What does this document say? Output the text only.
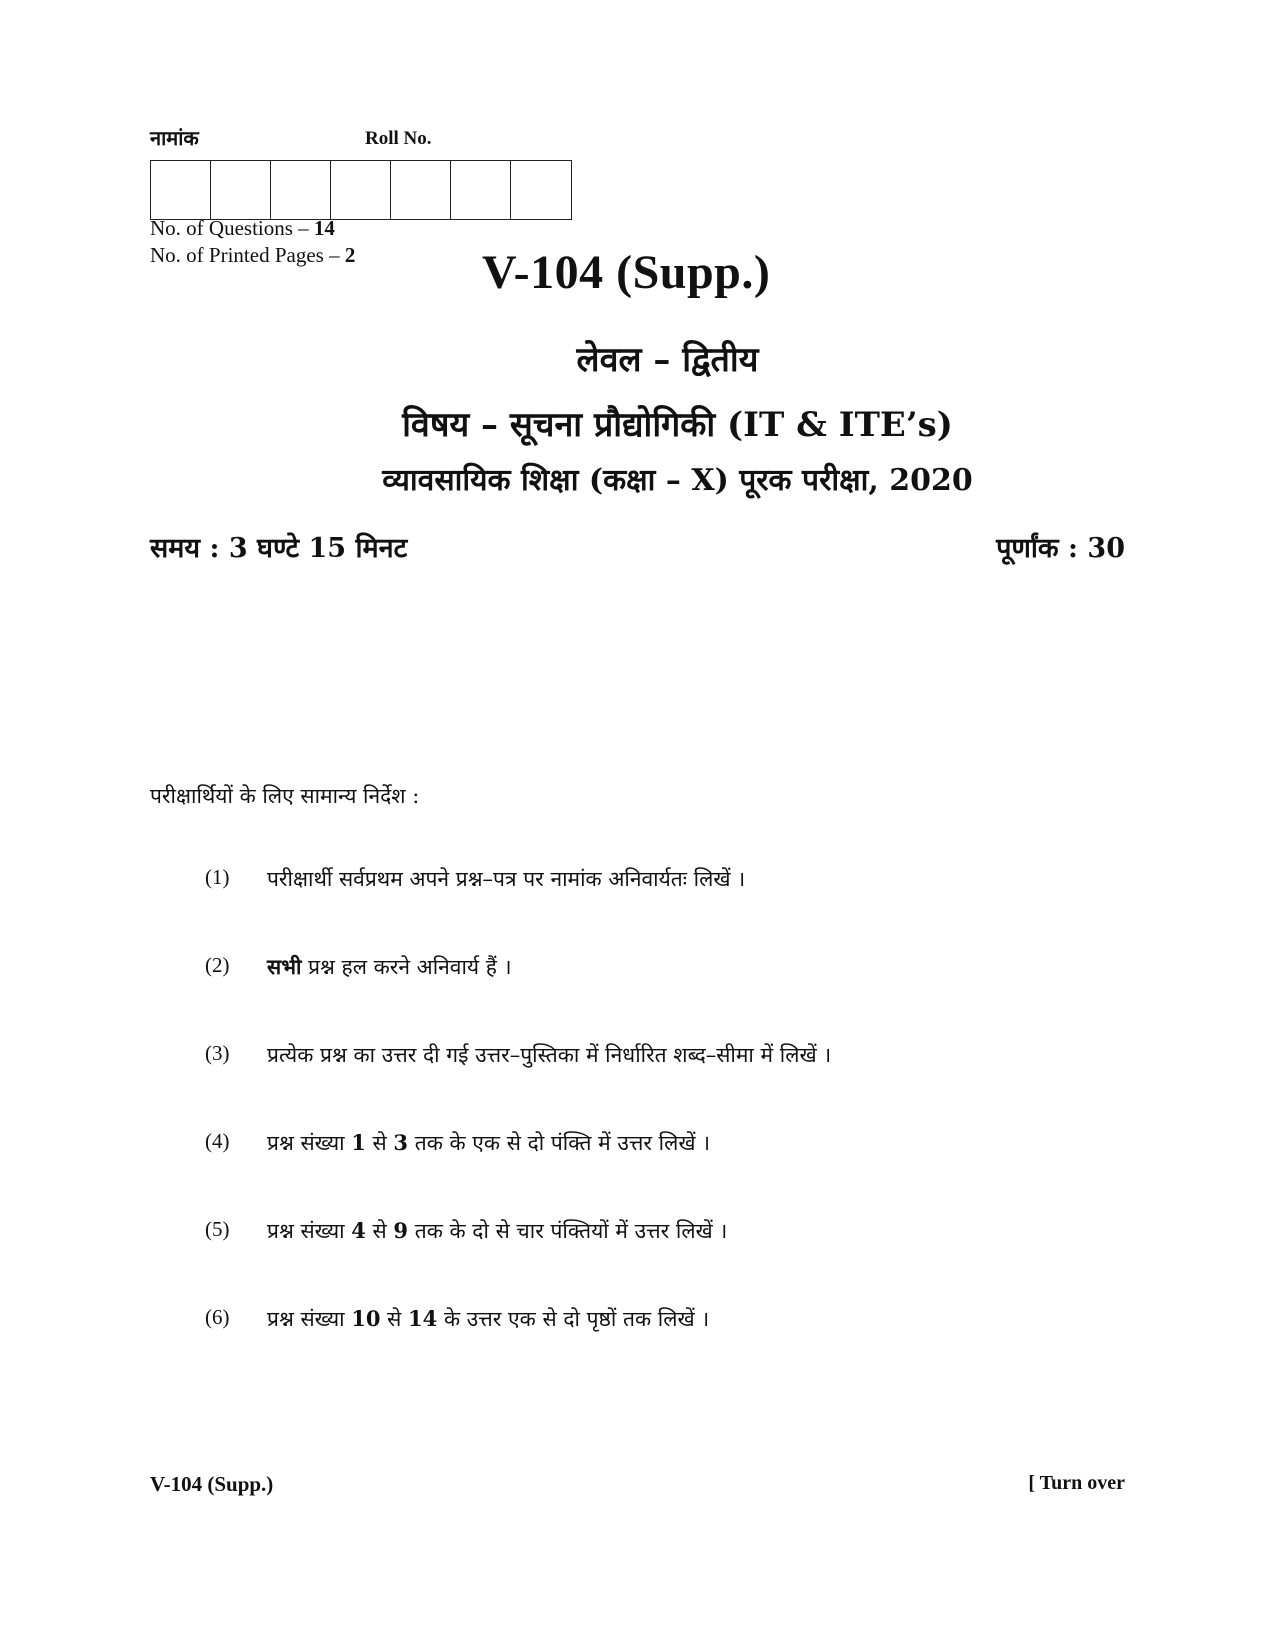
नामांक	Roll No.
No. of Questions – 14
No. of Printed Pages – 2	V-104 (Supp.)
लेवल – द्वितीय
विषय – सूचना प्रौद्योगिकी (IT & ITE’s)
व्यावसायिक शिक्षा (कक्षा – X) पूरक परीक्षा, 2020
समय : 3 घण्टे 15 मिनट	पूर्णांक : 30
परीक्षार्थियों के लिए सामान्य निर्देश :
(1)	परीक्षार्थी सर्वप्रथम अपने प्रश्न–पत्र पर नामांक अनिवार्यतः लिखें ।
(2)	सभी प्रश्न हल करने अनिवार्य हैं ।
(3)	प्रत्येक प्रश्न का उत्तर दी गई उत्तर–पुस्तिका में निर्धारित शब्द–सीमा में लिखें ।
(4)	प्रश्न संख्या 1 से 3 तक के एक से दो पंक्ति में उत्तर लिखें ।
(5)	प्रश्न संख्या 4 से 9 तक के दो से चार पंक्तियों में उत्तर लिखें ।
(6)	प्रश्न संख्या 10 से 14 के उत्तर एक से दो पृष्ठों तक लिखें ।
V-104 (Supp.)	[ Turn over
